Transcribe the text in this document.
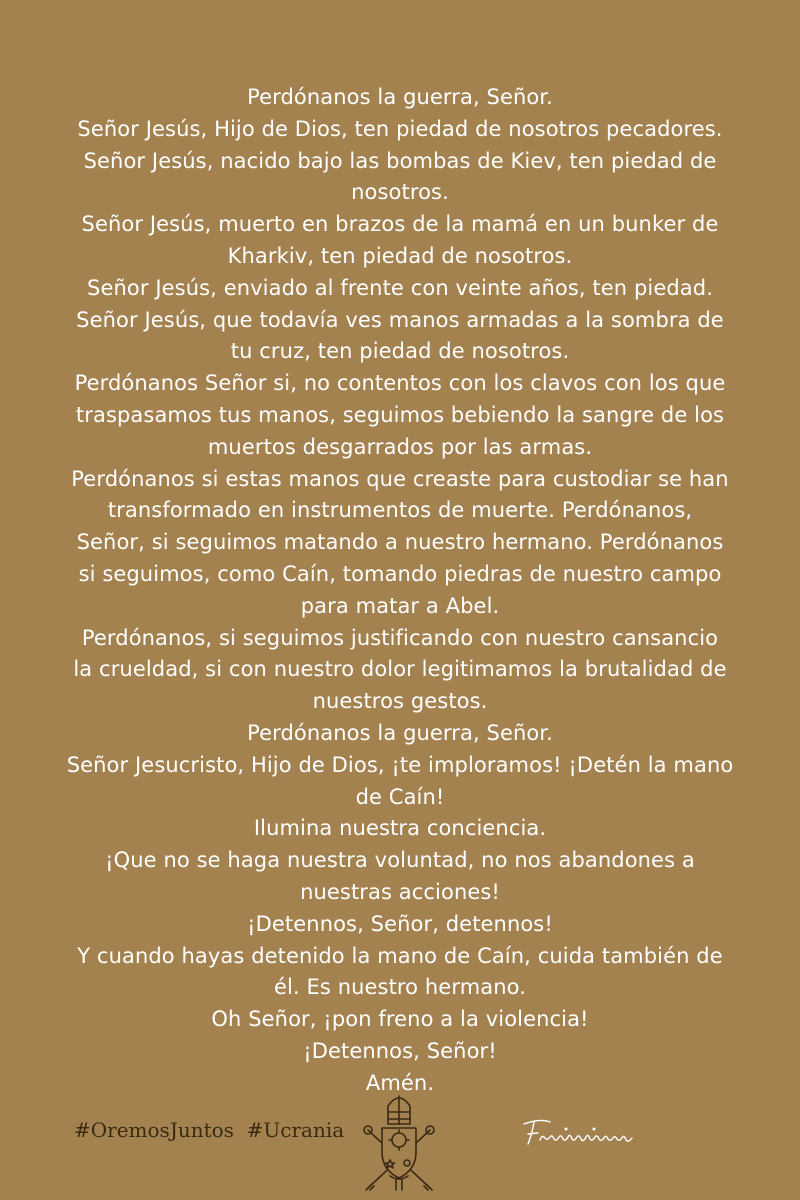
Perdónanos la guerra, Señor.
Señor Jesús, Hijo de Dios, ten piedad de nosotros pecadores.
Señor Jesús, nacido bajo las bombas de Kiev, ten piedad de
nosotros.
Señor Jesús, muerto en brazos de la mamá en un bunker de
Kharkiv, ten piedad de nosotros.
Señor Jesús, enviado al frente con veinte años, ten piedad.
Señor Jesús, que todavía ves manos armadas a la sombra de
tu cruz, ten piedad de nosotros.
Perdónanos Señor si, no contentos con los clavos con los que
traspasamos tus manos, seguimos bebiendo la sangre de los
muertos desgarrados por las armas.
Perdónanos si estas manos que creaste para custodiar se han
transformado en instrumentos de muerte. Perdónanos,
Señor, si seguimos matando a nuestro hermano. Perdónanos
si seguimos, como Caín, tomando piedras de nuestro campo
para matar a Abel.
Perdónanos, si seguimos justificando con nuestro cansancio
la crueldad, si con nuestro dolor legitimamos la brutalidad de
nuestros gestos.
Perdónanos la guerra, Señor.
Señor Jesucristo, Hijo de Dios, ¡te imploramos! ¡Detén la mano
de Caín!
Ilumina nuestra conciencia.
¡Que no se haga nuestra voluntad, no nos abandones a
nuestras acciones!
¡Detennos, Señor, detennos!
Y cuando hayas detenido la mano de Caín, cuida también de
él. Es nuestro hermano.
Oh Señor, ¡pon freno a la violencia!
¡Detennos, Señor!
Amén.
#OremosJuntos  #Ucrania
